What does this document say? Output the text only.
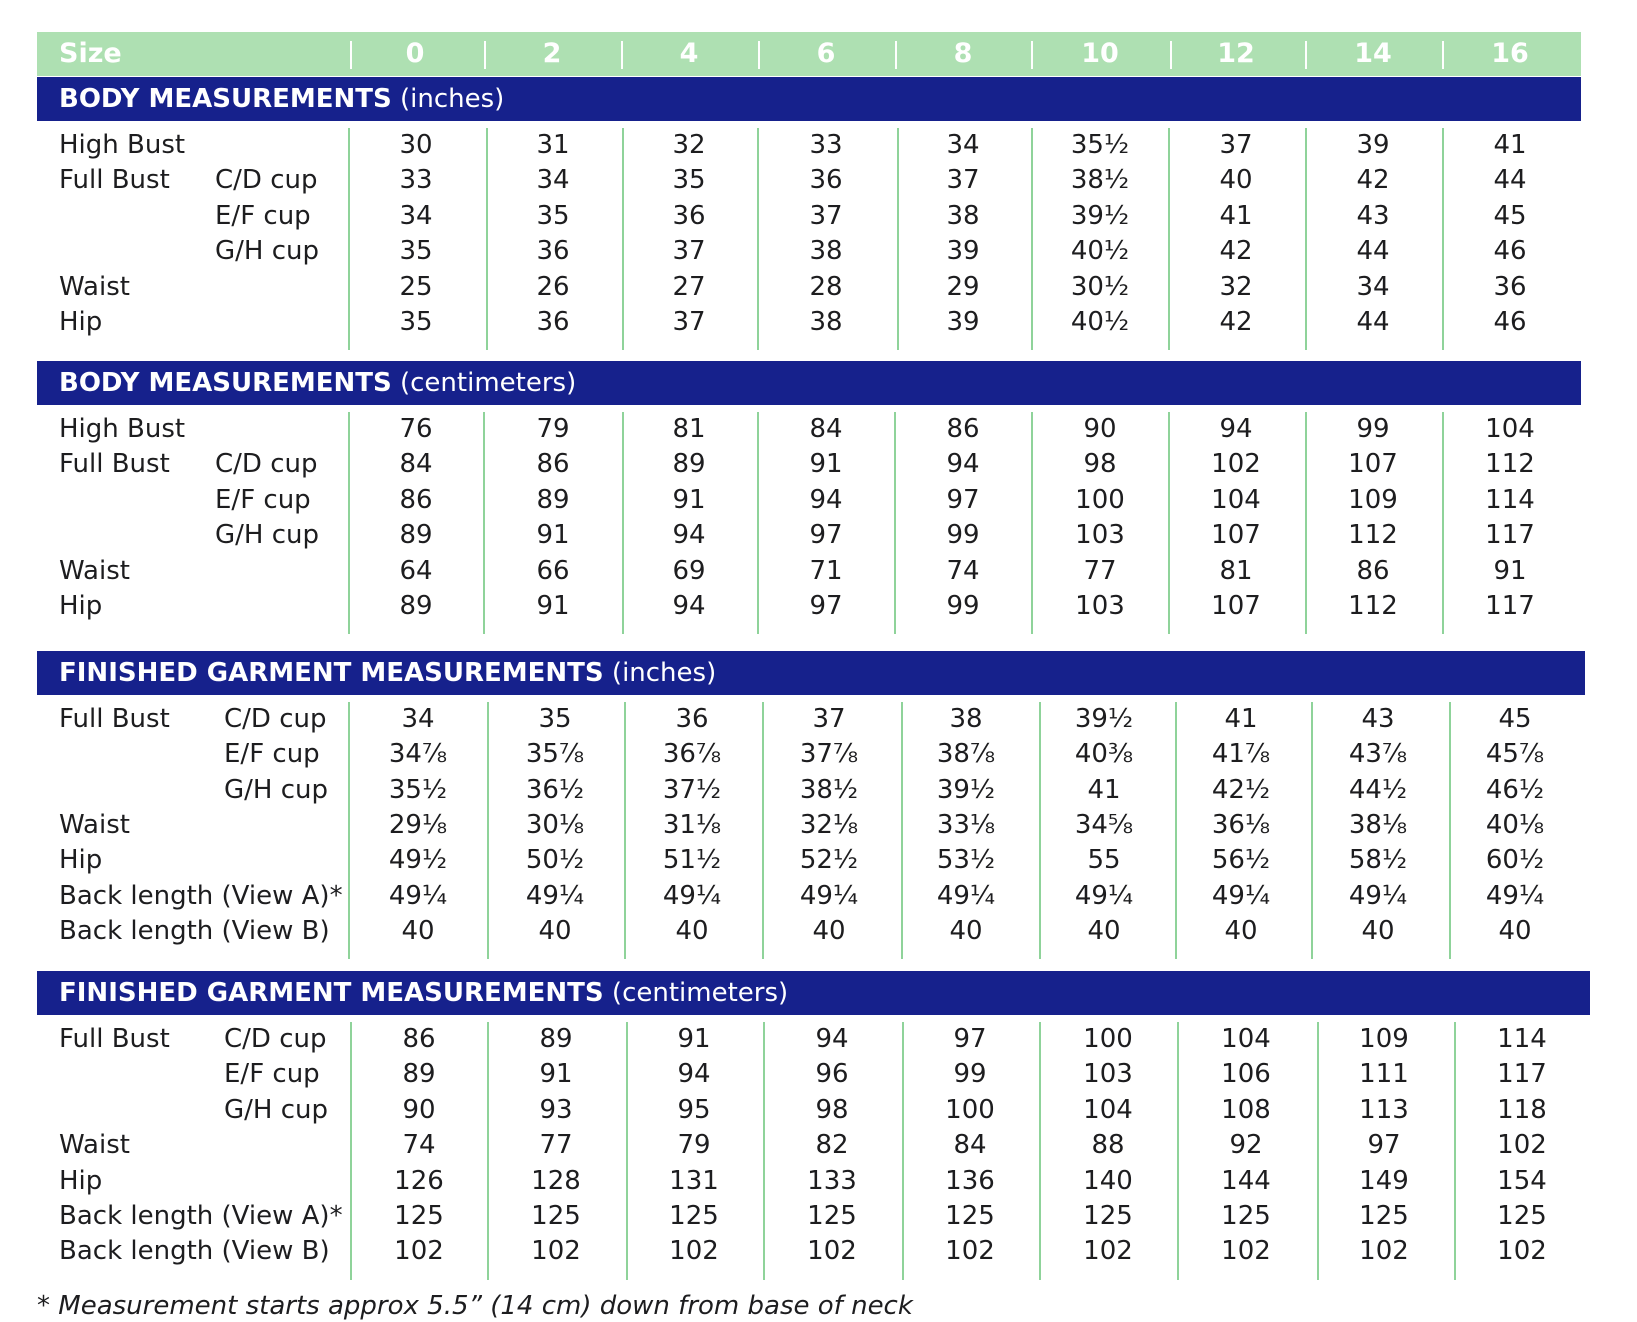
Size	0	2	4	6	8	10	12	14	16
BODY MEASUREMENTS (inches)
High Bust	30	31	32	33	34	35½	37	39	41
Full Bust C/D cup	33	34	35	36	37	38½	40	42	44
E/F cup	34	35	36	37	38	39½	41	43	45
G/H cup	35	36	37	38	39	40½	42	44	46
Waist	25	26	27	28	29	30½	32	34	36
Hip	35	36	37	38	39	40½	42	44	46
BODY MEASUREMENTS (centimeters)
High Bust	76	79	81	84	86	90	94	99	104
Full Bust C/D cup	84	86	89	91	94	98	102	107	112
E/F cup	86	89	91	94	97	100	104	109	114
G/H cup	89	91	94	97	99	103	107	112	117
Waist	64	66	69	71	74	77	81	86	91
Hip	89	91	94	97	99	103	107	112	117
FINISHED GARMENT MEASUREMENTS (inches)
Full Bust C/D cup	34	35	36	37	38	39½	41	43	45
E/F cup	34⅞	35⅞	36⅞	37⅞	38⅞	40⅜	41⅞	43⅞	45⅞
G/H cup	35½	36½	37½	38½	39½	41	42½	44½	46½
Waist	29⅛	30⅛	31⅛	32⅛	33⅛	34⅝	36⅛	38⅛	40⅛
Hip	49½	50½	51½	52½	53½	55	56½	58½	60½
Back length (View A)*	49¼	49¼	49¼	49¼	49¼	49¼	49¼	49¼	49¼
Back length (View B)	40	40	40	40	40	40	40	40	40
FINISHED GARMENT MEASUREMENTS (centimeters)
Full Bust C/D cup	86	89	91	94	97	100	104	109	114
E/F cup	89	91	94	96	99	103	106	111	117
G/H cup	90	93	95	98	100	104	108	113	118
Waist	74	77	79	82	84	88	92	97	102
Hip	126	128	131	133	136	140	144	149	154
Back length (View A)*	125	125	125	125	125	125	125	125	125
Back length (View B)	102	102	102	102	102	102	102	102	102
* Measurement starts approx 5.5” (14 cm) down from base of neck
